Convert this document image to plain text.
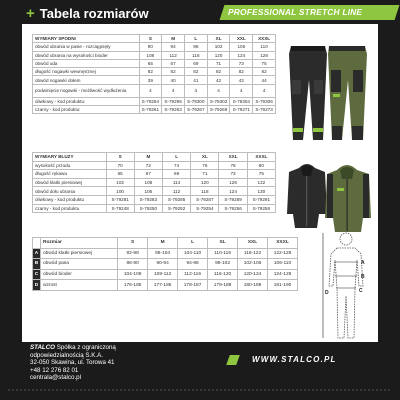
+ Tabela rozmiarów	PROFESSIONAL STRETCH LINE
WYMIARY SPODNI	S	M	L	XL	XXL	XXXL
obwód ubrania w pasie - rozciągnięty	90	94	98	102	106	110
obwód ubrania na wysokości bioder	108	112	116	120	124	128
obwód uda	65	67	69	71	73	75
długość nogawki wewnętrznej	82	82	82	82	82	82
obwód nogawki dołem	39	40	41	42	43	44
podwinięcie nogawki - możliwość wydłużenia	4	4	4	4	4	4
oliwkowy - kod produktu:	S-79294	S-79296	S-79300	S-79302	S-79304	S-79306
czarny - kod produktu:	S-79261	S-79263	S-79267	S-79269	S-79271	S-79273
WYMIARY BLUZY	S	M	L	XL	XXL	XXXL
wysokość przodu	70	72	74	76	78	80
długość rękawa	65	67	69	71	73	75
obwód klatki piersiowej	102	108	114	120	126	132
obwód dołu ubrania	100	106	112	118	124	130
oliwkowy - kod produktu	S-79281	S-79283	S-79285	S-79287	S-79289	S-79291
czarny - kod produktu	S-79248	S-79250	S-79252	S-79254	S-79256	S-79258
	Rozmiar	S	M	L	XL	XXL	XXXL
A	obwód klatki piersiowej	92-98	98-104	104-110	110-116	116-122	122-128
B	obwód pasa	86-90	90-94	94-98	98-102	102-106	106-110
C	obwód bioder	104-108	108-112	112-116	116-120	120-124	124-128
D	wzrost	176-185	177-186	178-187	179-188	180-189	181-190
A
B
C
D
STALCO Spółka z ograniczoną
odpowiedzialnością S.K.A.
32-050 Skawina, ul. Torowa 41
+48 12 276 82 01
centrala@stalco.pl
WWW.STALCO.PL
